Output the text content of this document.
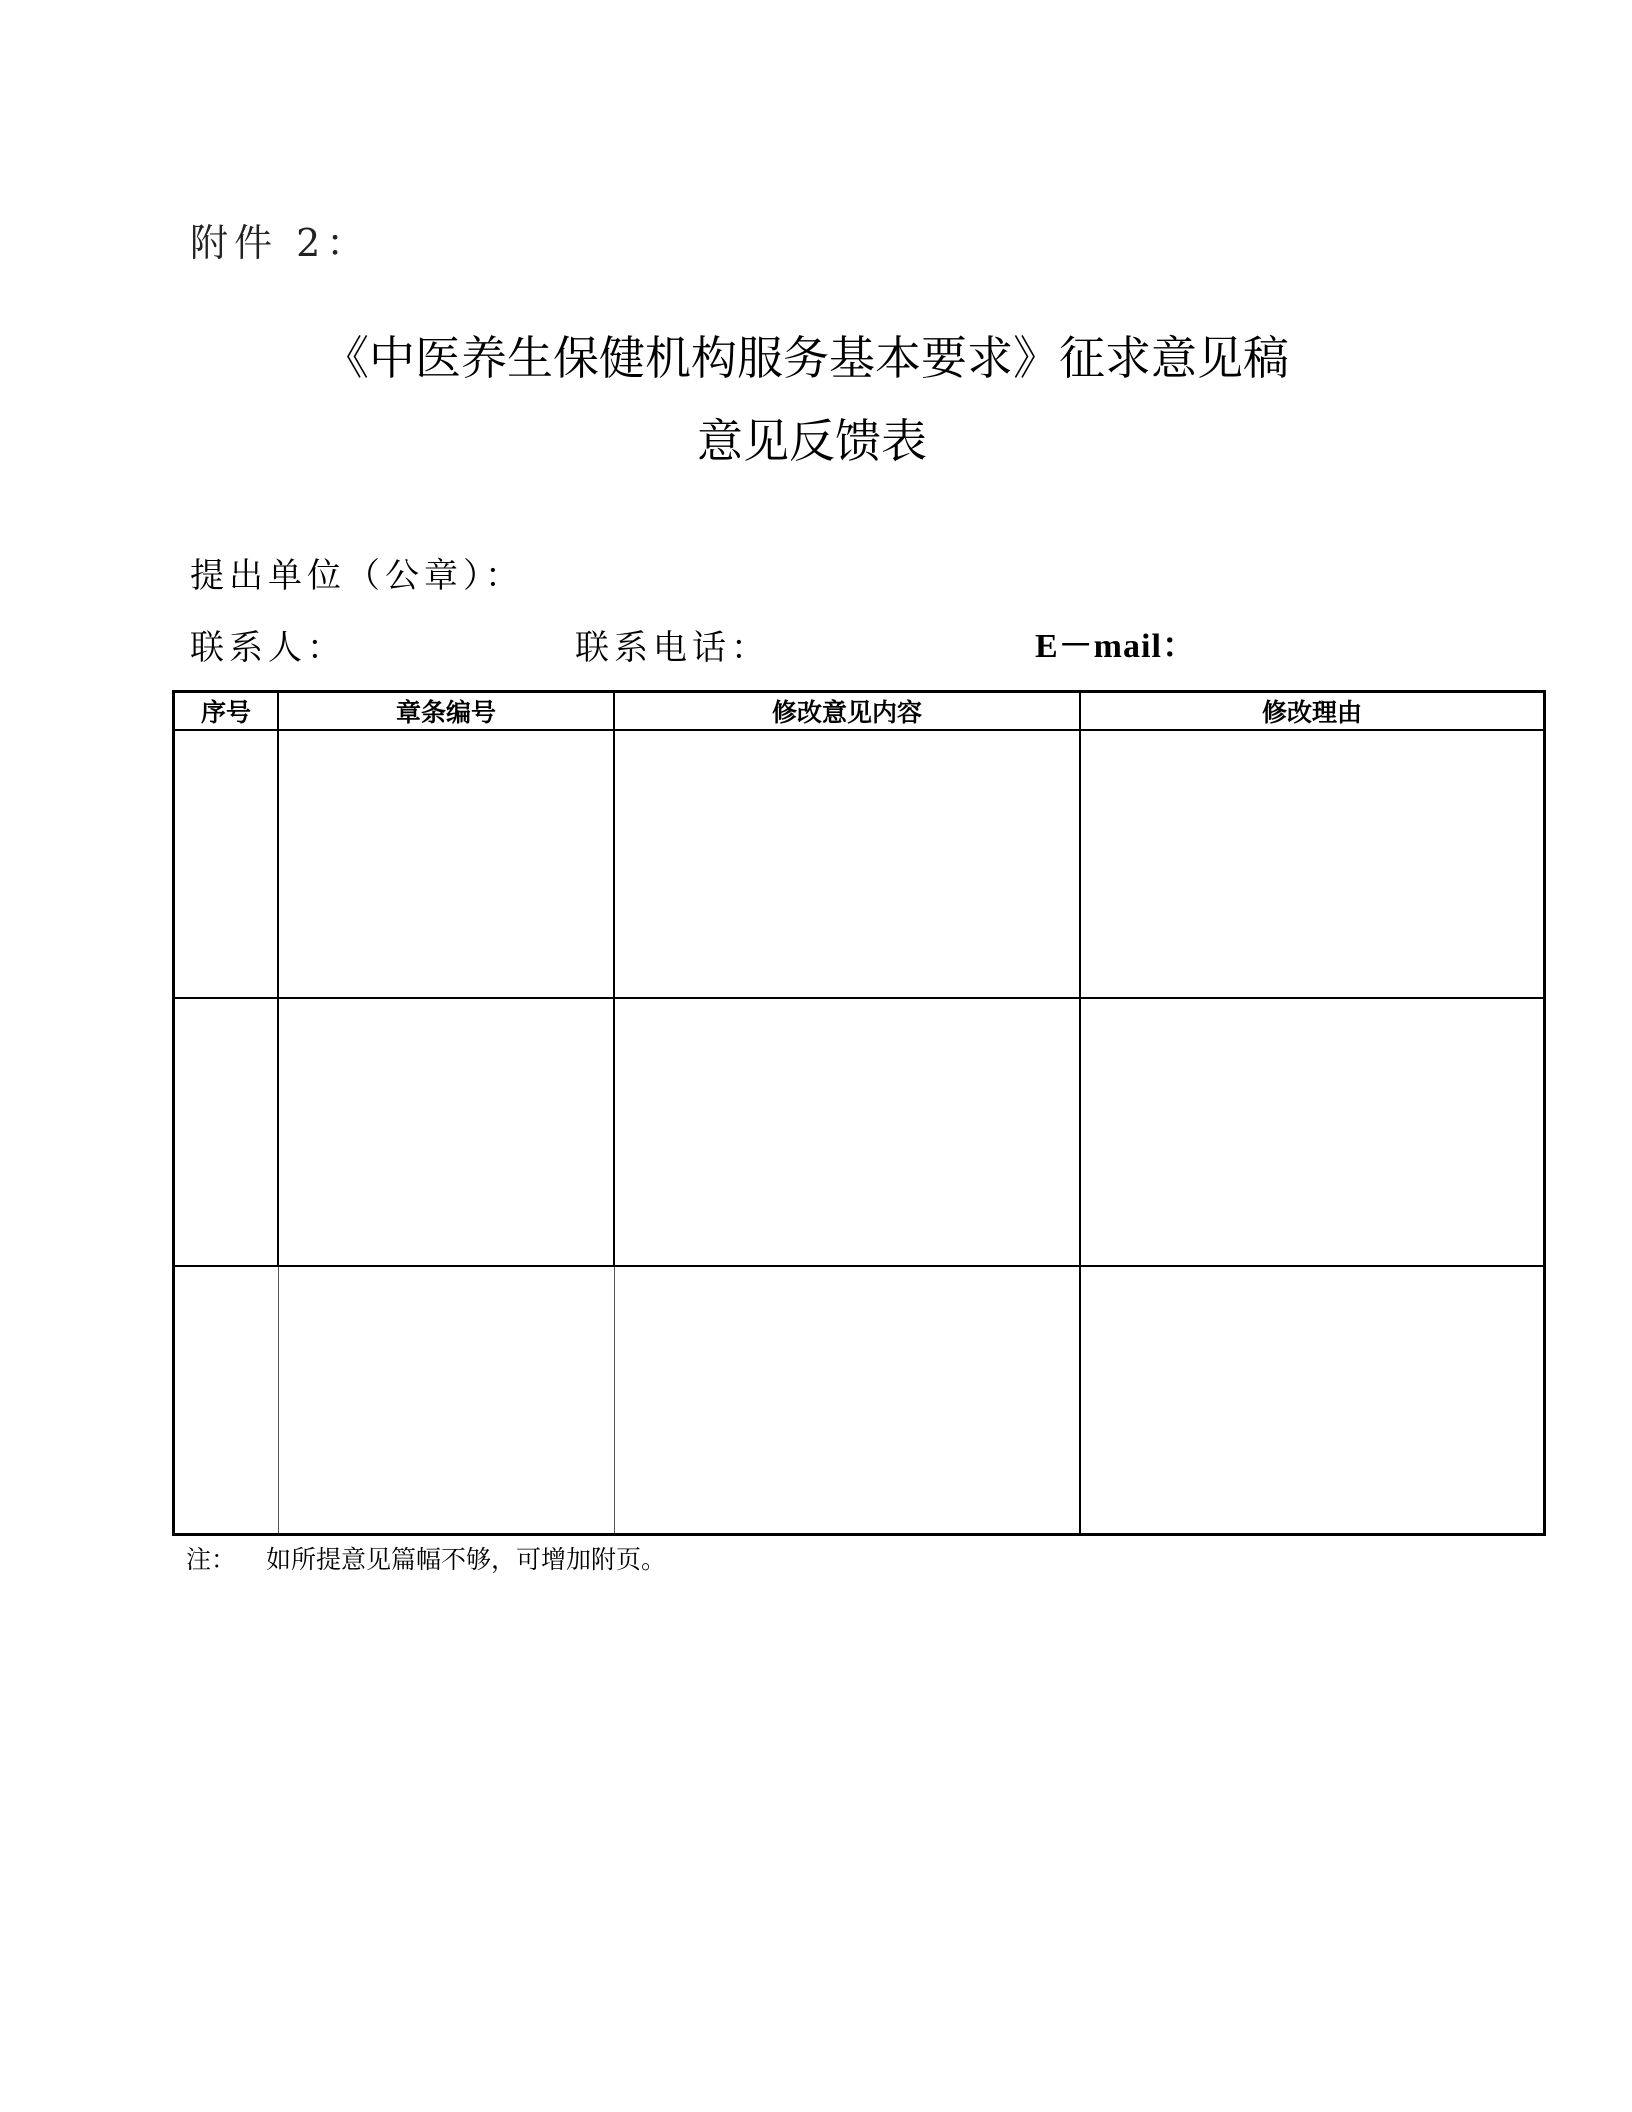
附件 2：
《中医养生保健机构服务基本要求》征求意见稿
意见反馈表
提出单位（公章）：
联系人：	联系电话：	E－mail：
序号	章条编号	修改意见内容	修改理由

注： 如所提意见篇幅不够，可增加附页。
